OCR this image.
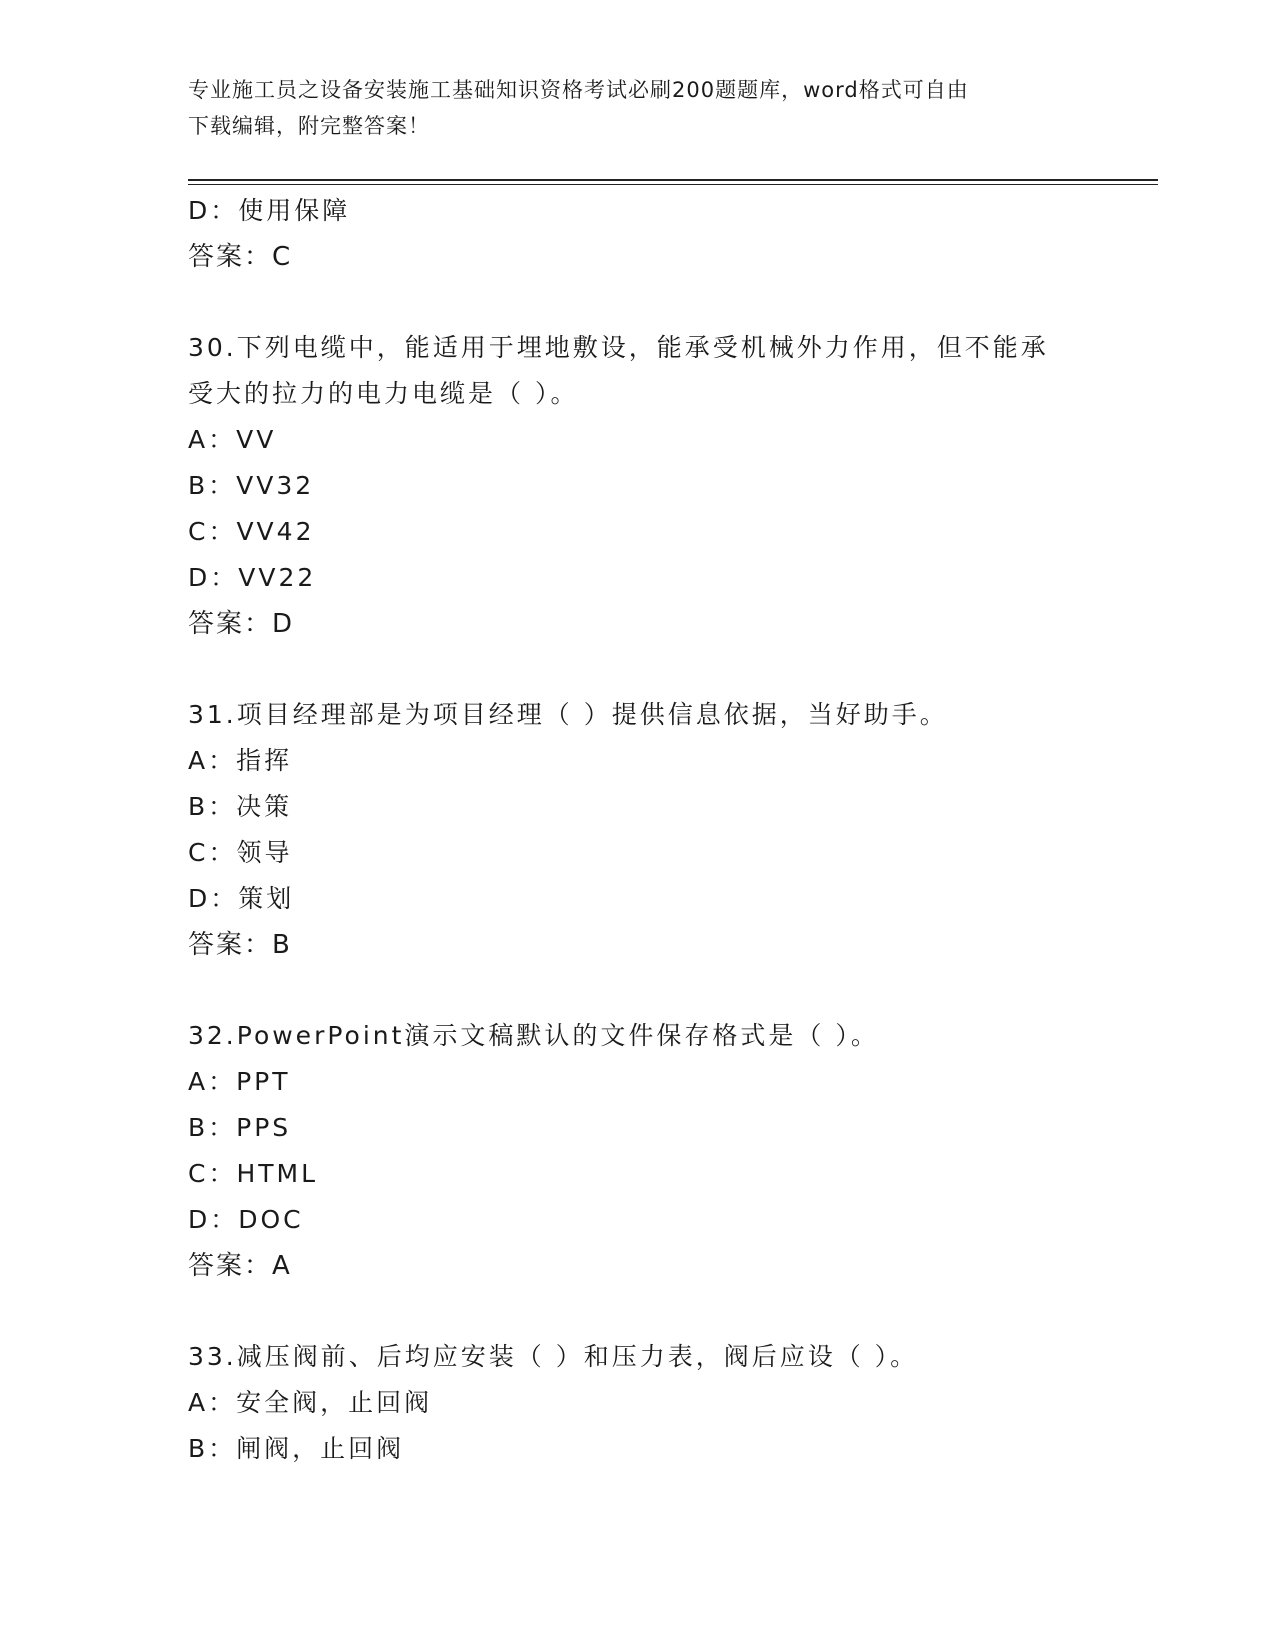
专业施工员之设备安装施工基础知识资格考试必刷200题题库，word格式可自由
下载编辑，附完整答案！
D：使用保障
答案：C
30.下列电缆中，能适用于埋地敷设，能承受机械外力作用，但不能承
受大的拉力的电力电缆是（ ）。
A：VV
B：VV32
C：VV42
D：VV22
答案：D
31.项目经理部是为项目经理（ ）提供信息依据，当好助手。
A：指挥
B：决策
C：领导
D：策划
答案：B
32.PowerPoint演示文稿默认的文件保存格式是（ ）。
A：PPT
B：PPS
C：HTML
D：DOC
答案：A
33.减压阀前、后均应安装（ ）和压力表，阀后应设（ ）。
A：安全阀，止回阀
B：闸阀，止回阀
